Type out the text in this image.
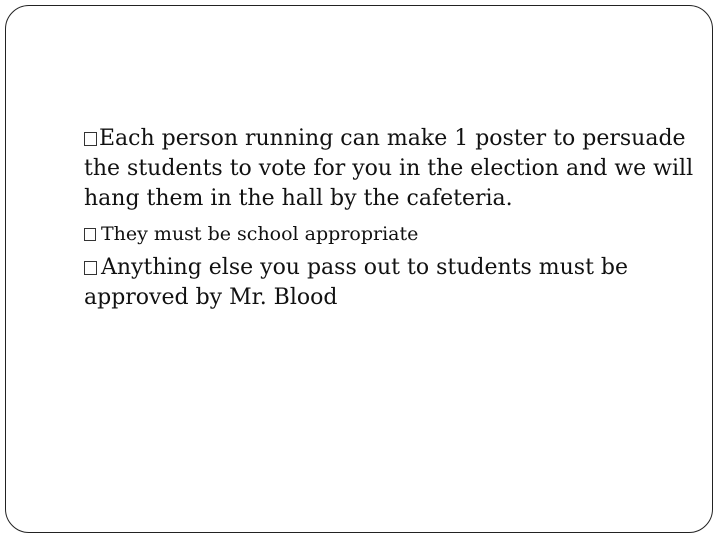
Each person running can make 1 poster to persuade the students to vote for you in the election and we will hang them in the hall by the cafeteria.

They must be school appropriate

Anything else you pass out to students must be approved by Mr. Blood
